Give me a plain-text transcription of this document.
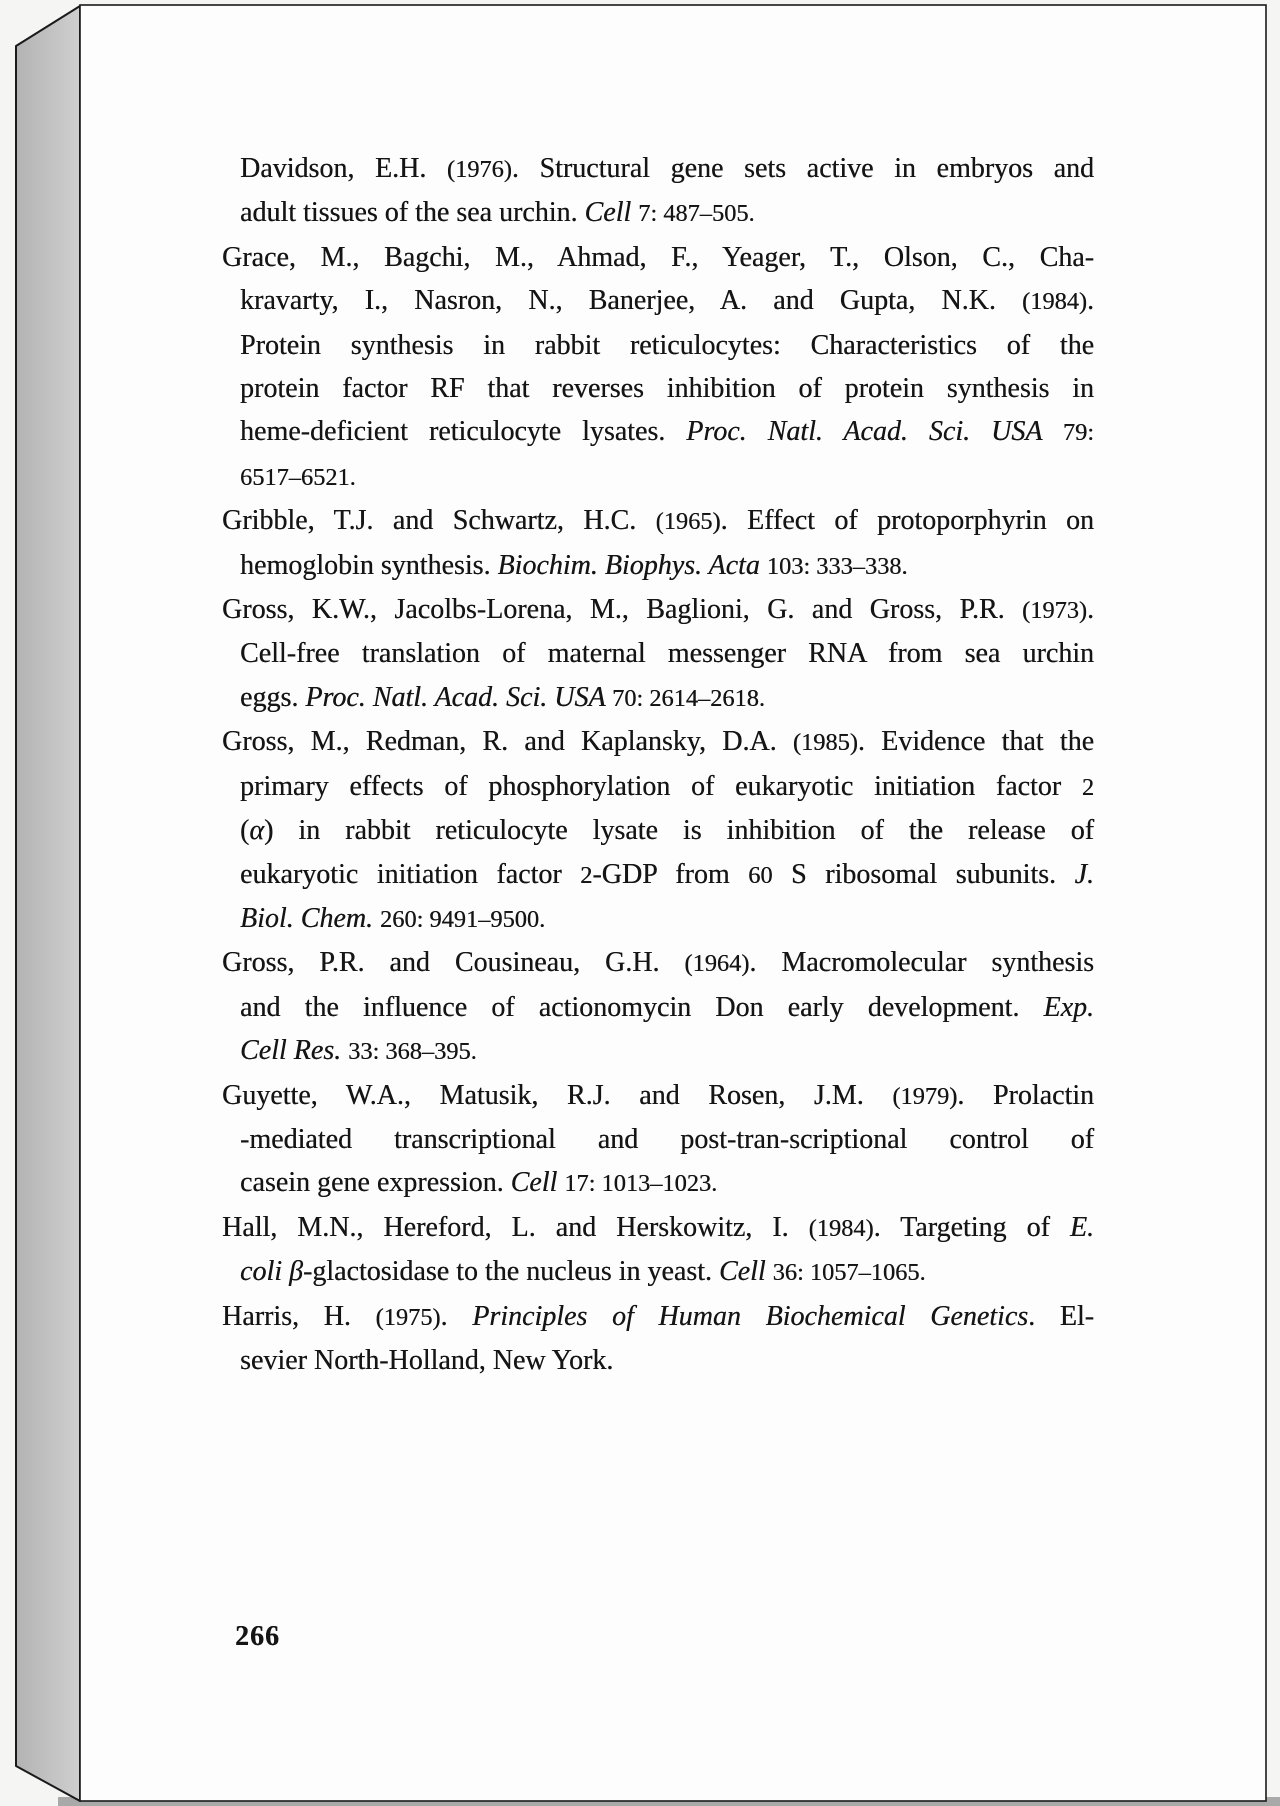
Davidson, E.H. (1976). Structural gene sets active in embryos and
adult tissues of the sea urchin. Cell 7: 487–505.
Grace, M., Bagchi, M., Ahmad, F., Yeager, T., Olson, C., Cha-
kravarty, I., Nasron, N., Banerjee, A. and Gupta, N.K. (1984).
Protein synthesis in rabbit reticulocytes: Characteristics of the
protein factor RF that reverses inhibition of protein synthesis in
heme-deficient reticulocyte lysates. Proc. Natl. Acad. Sci. USA 79:
6517–6521.
Gribble, T.J. and Schwartz, H.C. (1965). Effect of protoporphyrin on
hemoglobin synthesis. Biochim. Biophys. Acta 103: 333–338.
Gross, K.W., Jacolbs-Lorena, M., Baglioni, G. and Gross, P.R. (1973).
Cell-free translation of maternal messenger RNA from sea urchin
eggs. Proc. Natl. Acad. Sci. USA 70: 2614–2618.
Gross, M., Redman, R. and Kaplansky, D.A. (1985). Evidence that the
primary effects of phosphorylation of eukaryotic initiation factor 2
(α) in rabbit reticulocyte lysate is inhibition of the release of
eukaryotic initiation factor 2-GDP from 60 S ribosomal subunits. J.
Biol. Chem. 260: 9491–9500.
Gross, P.R. and Cousineau, G.H. (1964). Macromolecular synthesis
and the influence of actionomycin Don early development. Exp.
Cell Res. 33: 368–395.
Guyette, W.A., Matusik, R.J. and Rosen, J.M. (1979). Prolactin
-mediated transcriptional and post-tran-scriptional control of
casein gene expression. Cell 17: 1013–1023.
Hall, M.N., Hereford, L. and Herskowitz, I. (1984). Targeting of E.
coli β-glactosidase to the nucleus in yeast. Cell 36: 1057–1065.
Harris, H. (1975). Principles of Human Biochemical Genetics. El-
sevier North-Holland, New York.
266
